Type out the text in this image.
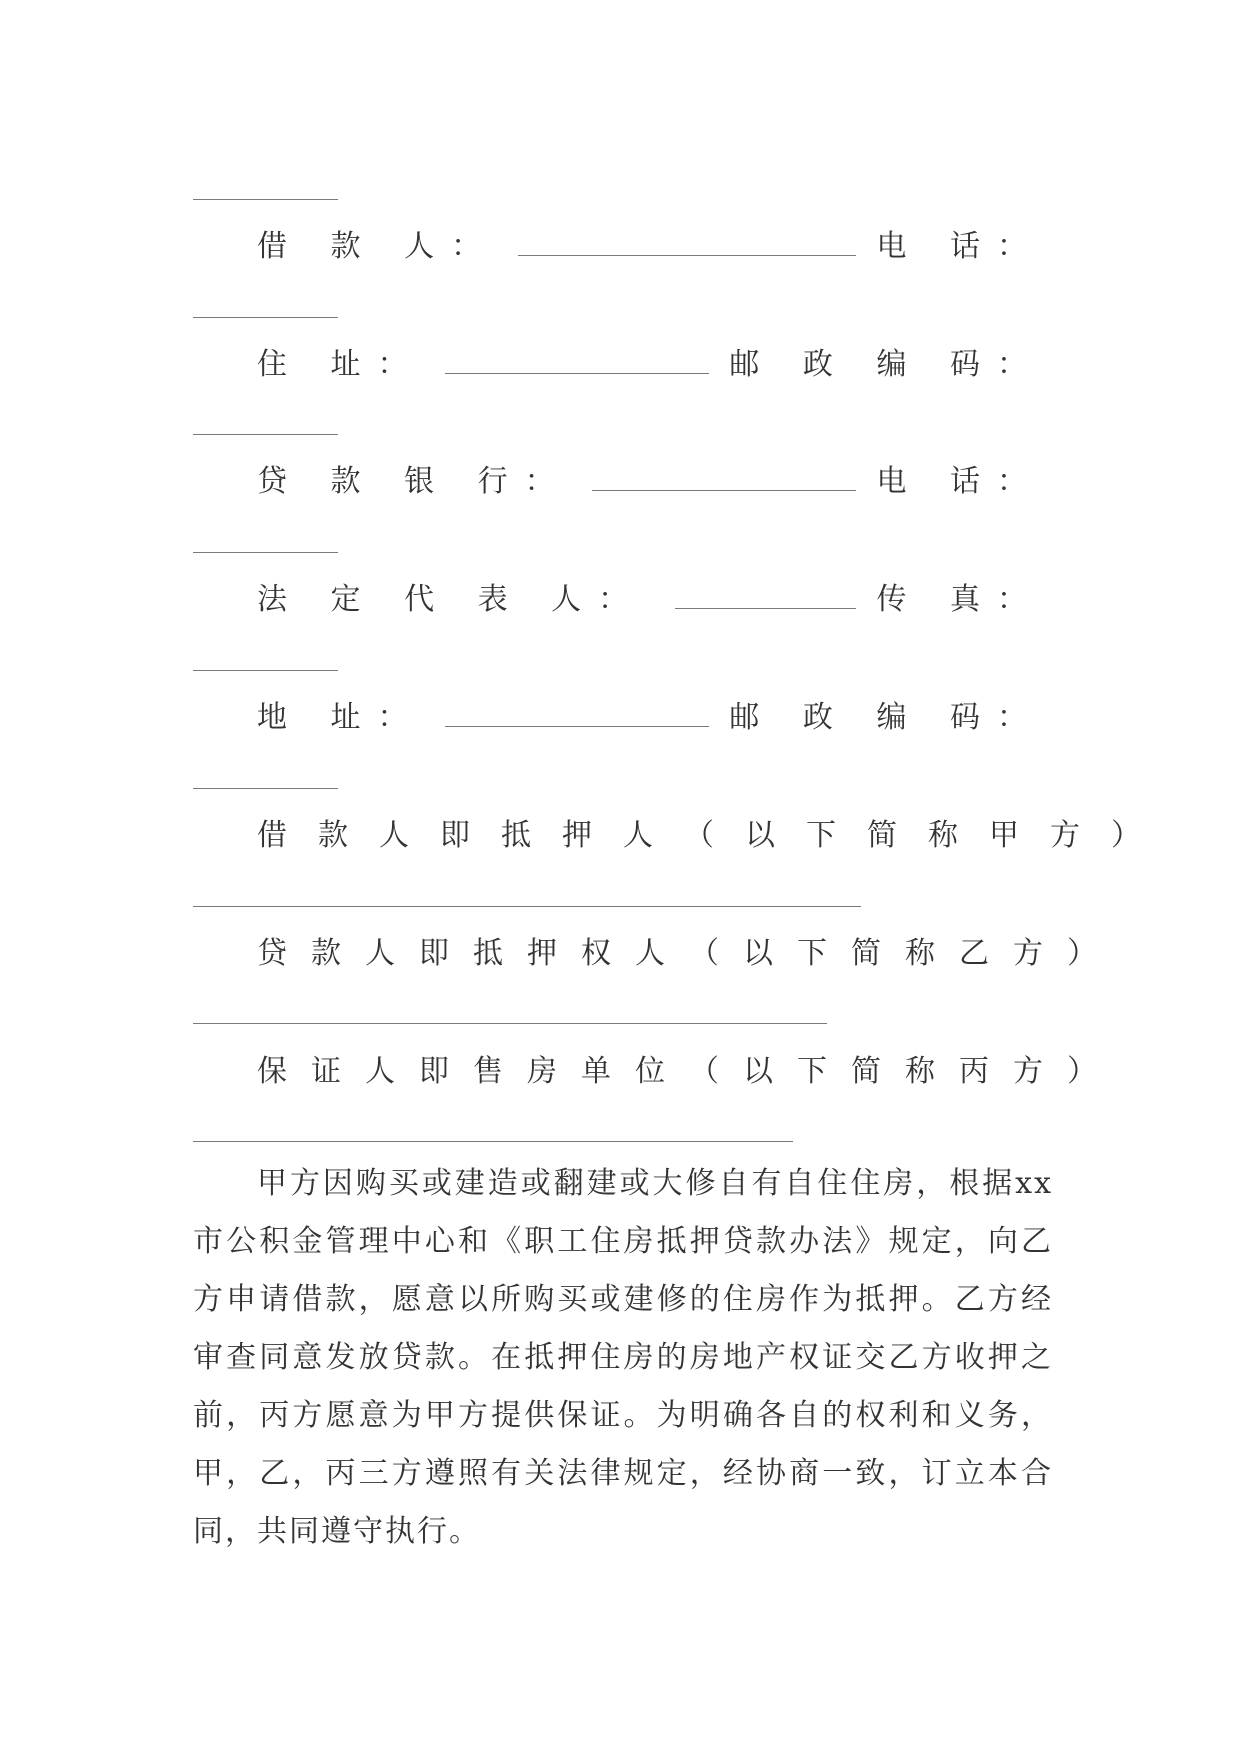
借 款 人：	电 话：
住 址：	邮 政 编 码：
贷 款 银 行：	电 话：
法 定 代 表 人：	传 真：
地 址：	邮 政 编 码：
借款人即抵押人（以下简称甲方）
贷款人即抵押权人（以下简称乙方）
保证人即售房单位（以下简称丙方）

甲方因购买或建造或翻建或大修自有自住住房，根据xx市公积金管理中心和《职工住房抵押贷款办法》规定，向乙方申请借款，愿意以所购买或建修的住房作为抵押。乙方经审查同意发放贷款。在抵押住房的房地产权证交乙方收押之前，丙方愿意为甲方提供保证。为明确各自的权利和义务，甲，乙，丙三方遵照有关法律规定，经协商一致，订立本合同，共同遵守执行。
